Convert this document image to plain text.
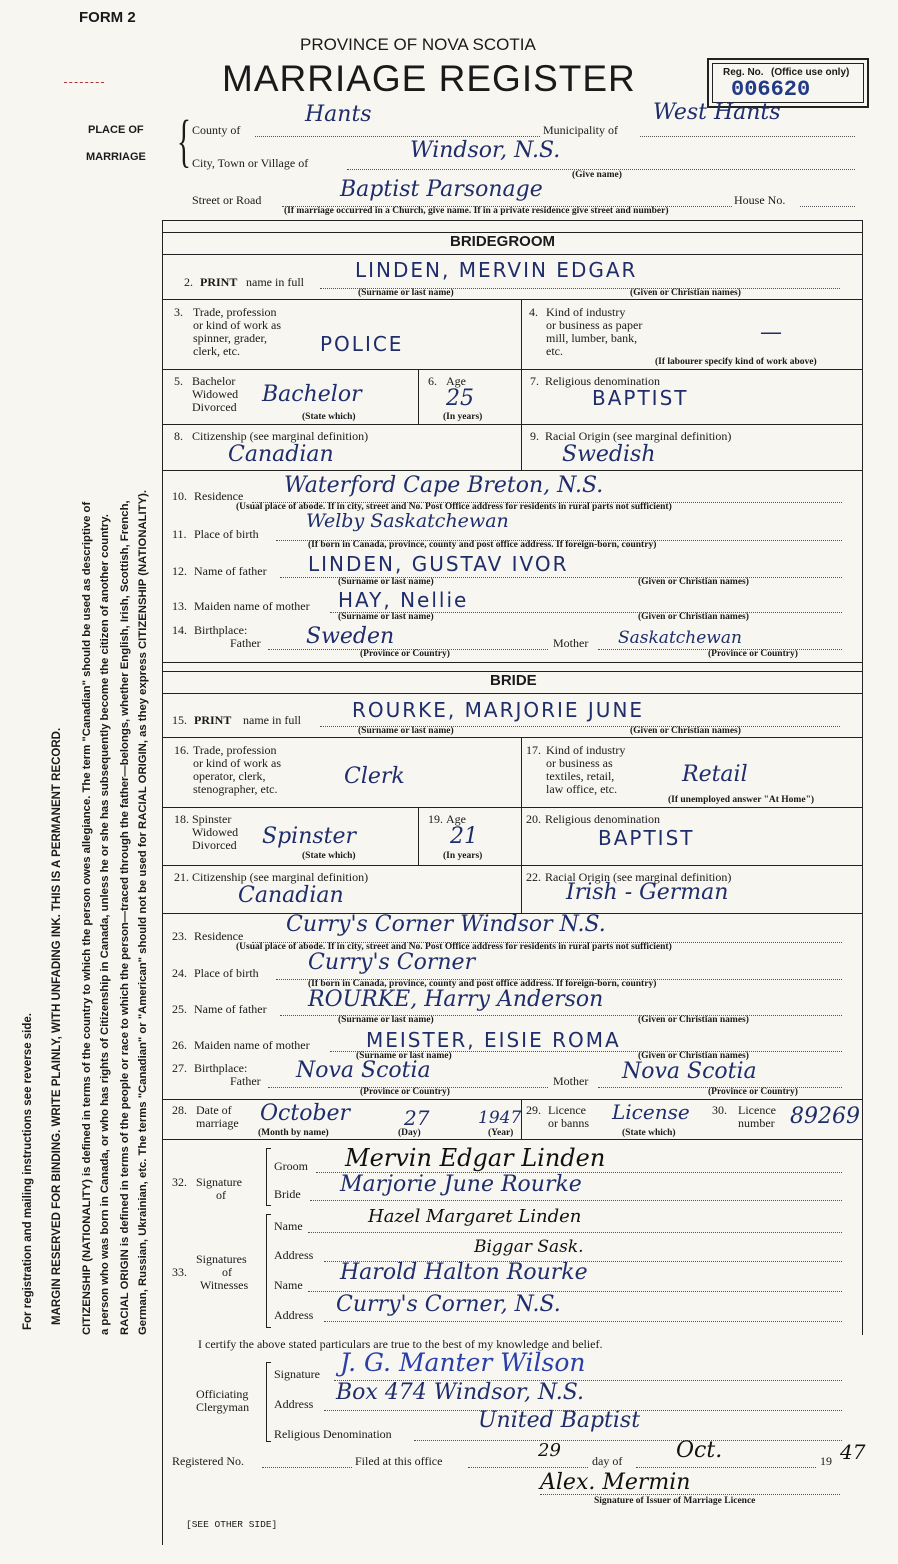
FORM 2
PROVINCE OF NOVA SCOTIA
MARRIAGE REGISTER	Reg. No. (Office use only)
006620
For registration and mailing instructions see reverse side. MARGIN RESERVED FOR BINDING. WRITE PLAINLY, WITH UNFADING INK. THIS IS A PERMANENT RECORD. CITIZENSHIP (NATIONALITY) is defined in terms of the country to which the person owes allegiance. The term "Canadian" should be used as descriptive of a person who was born in Canada, or who has rights of Citizenship in Canada, unless he or she has subsequently become the citizen of another country. RACIAL ORIGIN is defined in terms of the people or race to which the person—traced through the father—belongs, whether English, Irish, Scottish, French, German, Russian, Ukrainian, etc. The terms "Canadian" or "American" should not be used for RACIAL ORIGIN, as they express CITIZENSHIP (NATIONALITY).
PLACE OF
MARRIAGE { County of
Hants
Municipality of
West Hants
City, Town or Village of	Windsor, N.S.
(Give name)
Street or Road	Baptist Parsonage	House No.
(If marriage occurred in a Church, give name. If in a private residence give street and number)
BRIDEGROOM
2. PRINT name in full	LINDEN, MERVIN EDGAR
(Surname or last name)	(Given or Christian names)
3. Trade, profession
or kind of work as
spinner, grader,
clerk, etc.	POLICE
4. Kind of industry
or business as paper
mill, lumber, bank,
etc.
—
(If labourer specify kind of work above)
5. Bachelor
Widowed
Divorced Bachelor
(State which)
6. Age
25
(In years)
7. Religious denomination
BAPTIST
8. Citizenship (see marginal definition)
Canadian
9. Racial Origin (see marginal definition)
Swedish
10. Residence Waterford Cape Breton, N.S.
(Usual place of abode. If in city, street and No. Post Office address for residents in rural parts not sufficient)
11. Place of birth
Welby Saskatchewan
(If born in Canada, province, county and post office address. If foreign-born, country)
12. Name of father LINDEN, GUSTAV IVOR
(Surname or last name)	(Given or Christian names)
13. Maiden name of mother HAY, Nellie
(Surname or last name)	(Given or Christian names)
14. Birthplace:
Father Sweden	Mother Saskatchewan
(Province or Country)	(Province or Country)
BRIDE
15. PRINT name in full	ROURKE, MARJORIE JUNE
(Surname or last name)	(Given or Christian names)
16. Trade, profession
or kind of work as
operator, clerk,
stenographer, etc.	Clerk
17. Kind of industry
or business as
textiles, retail,
law office, etc.
Retail
(If unemployed answer "At Home")
18. Spinster
Widowed
Divorced Spinster
(State which)
19. Age
21
(In years)
20. Religious denomination
BAPTIST
21. Citizenship (see marginal definition)
Canadian
22. Racial Origin (see marginal definition)
Irish - German
23. Residence Curry's Corner Windsor N.S.
(Usual place of abode. If in city, street and No. Post Office address for residents in rural parts not sufficient)
24. Place of birth Curry's Corner
(If born in Canada, province, county and post office address. If foreign-born, country)
25. Name of father ROURKE, Harry Anderson
(Surname or last name)	(Given or Christian names)
26. Maiden name of mother	MEISTER, EISIE ROMA
(Surname or last name)	(Given or Christian names)
27. Birthplace:
Father Nova Scotia	Mother Nova Scotia
(Province or Country)	(Province or Country)
28. Date of
marriage October	27	1947
(Month by name)	(Day)	(Year)
29. Licence
or banns License
(State which)
30. Licence
number 89269
32. Signature
of
Groom Mervin Edgar Linden
Bride Marjorie June Rourke
33.
Signatures
of
Witnesses
Name	Hazel Margaret Linden
Address	Biggar Sask.
Name Harold Halton Rourke
Address Curry's Corner, N.S.
I certify the above stated particulars are true to the best of my knowledge and belief.
Officiating
Clergyman
Signature J. G. Manter Wilson
Address Box 474 Windsor, N.S.
Religious Denomination
United Baptist
Registered No.	Filed at this office	29	day of Oct.	19 47
Alex. Mermin
Signature of Issuer of Marriage Licence
[SEE OTHER SIDE]
